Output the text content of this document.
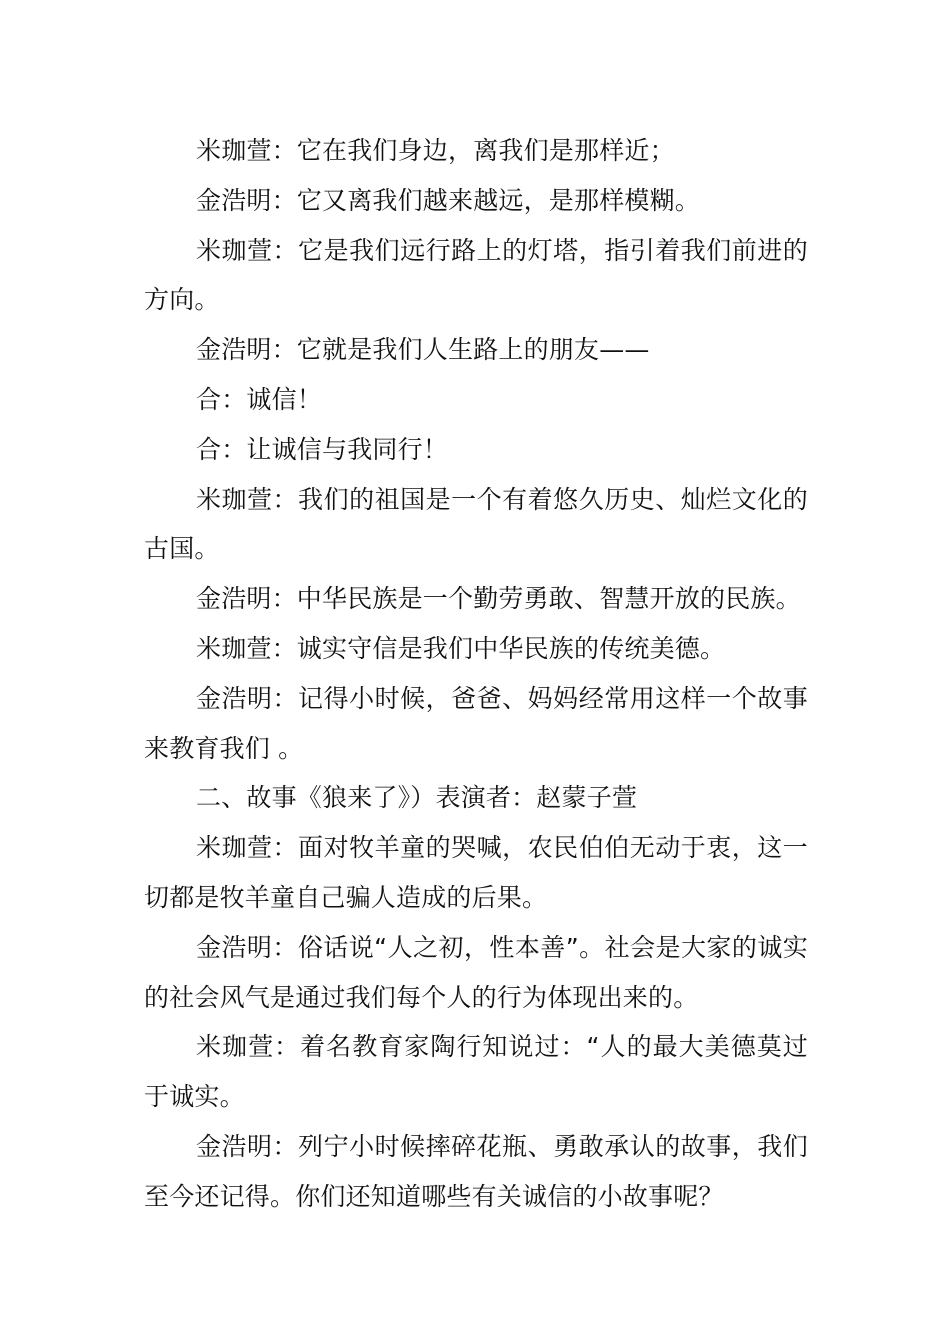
米珈萱：它在我们身边，离我们是那样近；

金浩明：它又离我们越来越远，是那样模糊。

米珈萱：它是我们远行路上的灯塔，指引着我们前进的方向。

金浩明：它就是我们人生路上的朋友——

合：诚信！

合：让诚信与我同行！

米珈萱：我们的祖国是一个有着悠久历史、灿烂文化的古国。

金浩明：中华民族是一个勤劳勇敢、智慧开放的民族。

米珈萱：诚实守信是我们中华民族的传统美德。

金浩明：记得小时候，爸爸、妈妈经常用这样一个故事来教育我们 。

二、故事《狼来了》）表演者：赵蒙子萱

米珈萱：面对牧羊童的哭喊，农民伯伯无动于衷，这一切都是牧羊童自己骗人造成的后果。

金浩明：俗话说“人之初，性本善”。社会是大家的诚实的社会风气是通过我们每个人的行为体现出来的。

米珈萱：着名教育家陶行知说过：“人的最大美德莫过于诚实。

金浩明：列宁小时候摔碎花瓶、勇敢承认的故事，我们至今还记得。你们还知道哪些有关诚信的小故事呢？
